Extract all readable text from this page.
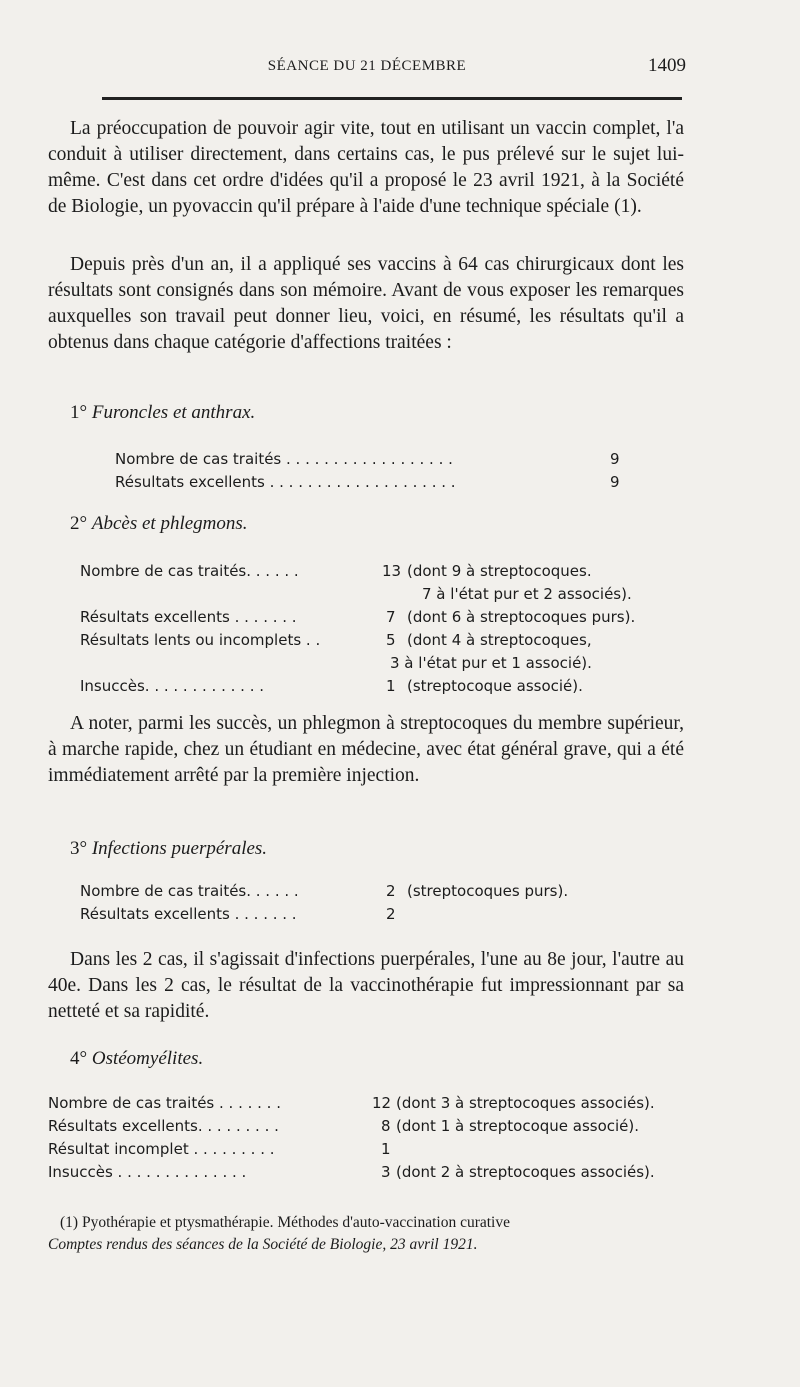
SÉANCE DU 21 DÉCEMBRE	1409
La préoccupation de pouvoir agir vite, tout en utilisant un vaccin complet, l'a conduit à utiliser directement, dans certains cas, le pus prélevé sur le sujet lui-même. C'est dans cet ordre d'idées qu'il a proposé le 23 avril 1921, à la Société de Biologie, un pyovaccin qu'il prépare à l'aide d'une technique spéciale (1).
Depuis près d'un an, il a appliqué ses vaccins à 64 cas chirurgicaux dont les résultats sont consignés dans son mémoire. Avant de vous exposer les remarques auxquelles son travail peut donner lieu, voici, en résumé, les résultats qu'il a obtenus dans chaque catégorie d'affections traitées :
1° Furoncles et anthrax.
Nombre de cas traités . . . . . . . . . . . . . . . . . .	9
Résultats excellents . . . . . . . . . . . . . . . . . . . .	9
2° Abcès et phlegmons.
Nombre de cas traités. . . . . .	13 (dont 9 à streptocoques.
7 à l'état pur et 2 associés).
Résultats excellents . . . . . . .	7 (dont 6 à streptocoques purs).
Résultats lents ou incomplets . .	5 (dont 4 à streptocoques,
3 à l'état pur et 1 associé).
Insuccès. . . . . . . . . . . . .	1 (streptocoque associé).
A noter, parmi les succès, un phlegmon à streptocoques du membre supérieur, à marche rapide, chez un étudiant en médecine, avec état général grave, qui a été immédiatement arrêté par la première injection.
3° Infections puerpérales.
Nombre de cas traités. . . . . .	2 (streptocoques purs).
Résultats excellents . . . . . . .	2
Dans les 2 cas, il s'agissait d'infections puerpérales, l'une au 8e jour, l'autre au 40e. Dans les 2 cas, le résultat de la vaccinothérapie fut impressionnant par sa netteté et sa rapidité.
4° Ostéomyélites.
Nombre de cas traités . . . . . . .	12 (dont 3 à streptocoques associés).
Résultats excellents. . . . . . . . .	8 (dont 1 à streptocoque associé).
Résultat incomplet . . . . . . . . .	1
Insuccès . . . . . . . . . . . . . .	3 (dont 2 à streptocoques associés).
(1) Pyothérapie et ptysmathérapie. Méthodes d'auto-vaccination curative
Comptes rendus des séances de la Société de Biologie, 23 avril 1921.
